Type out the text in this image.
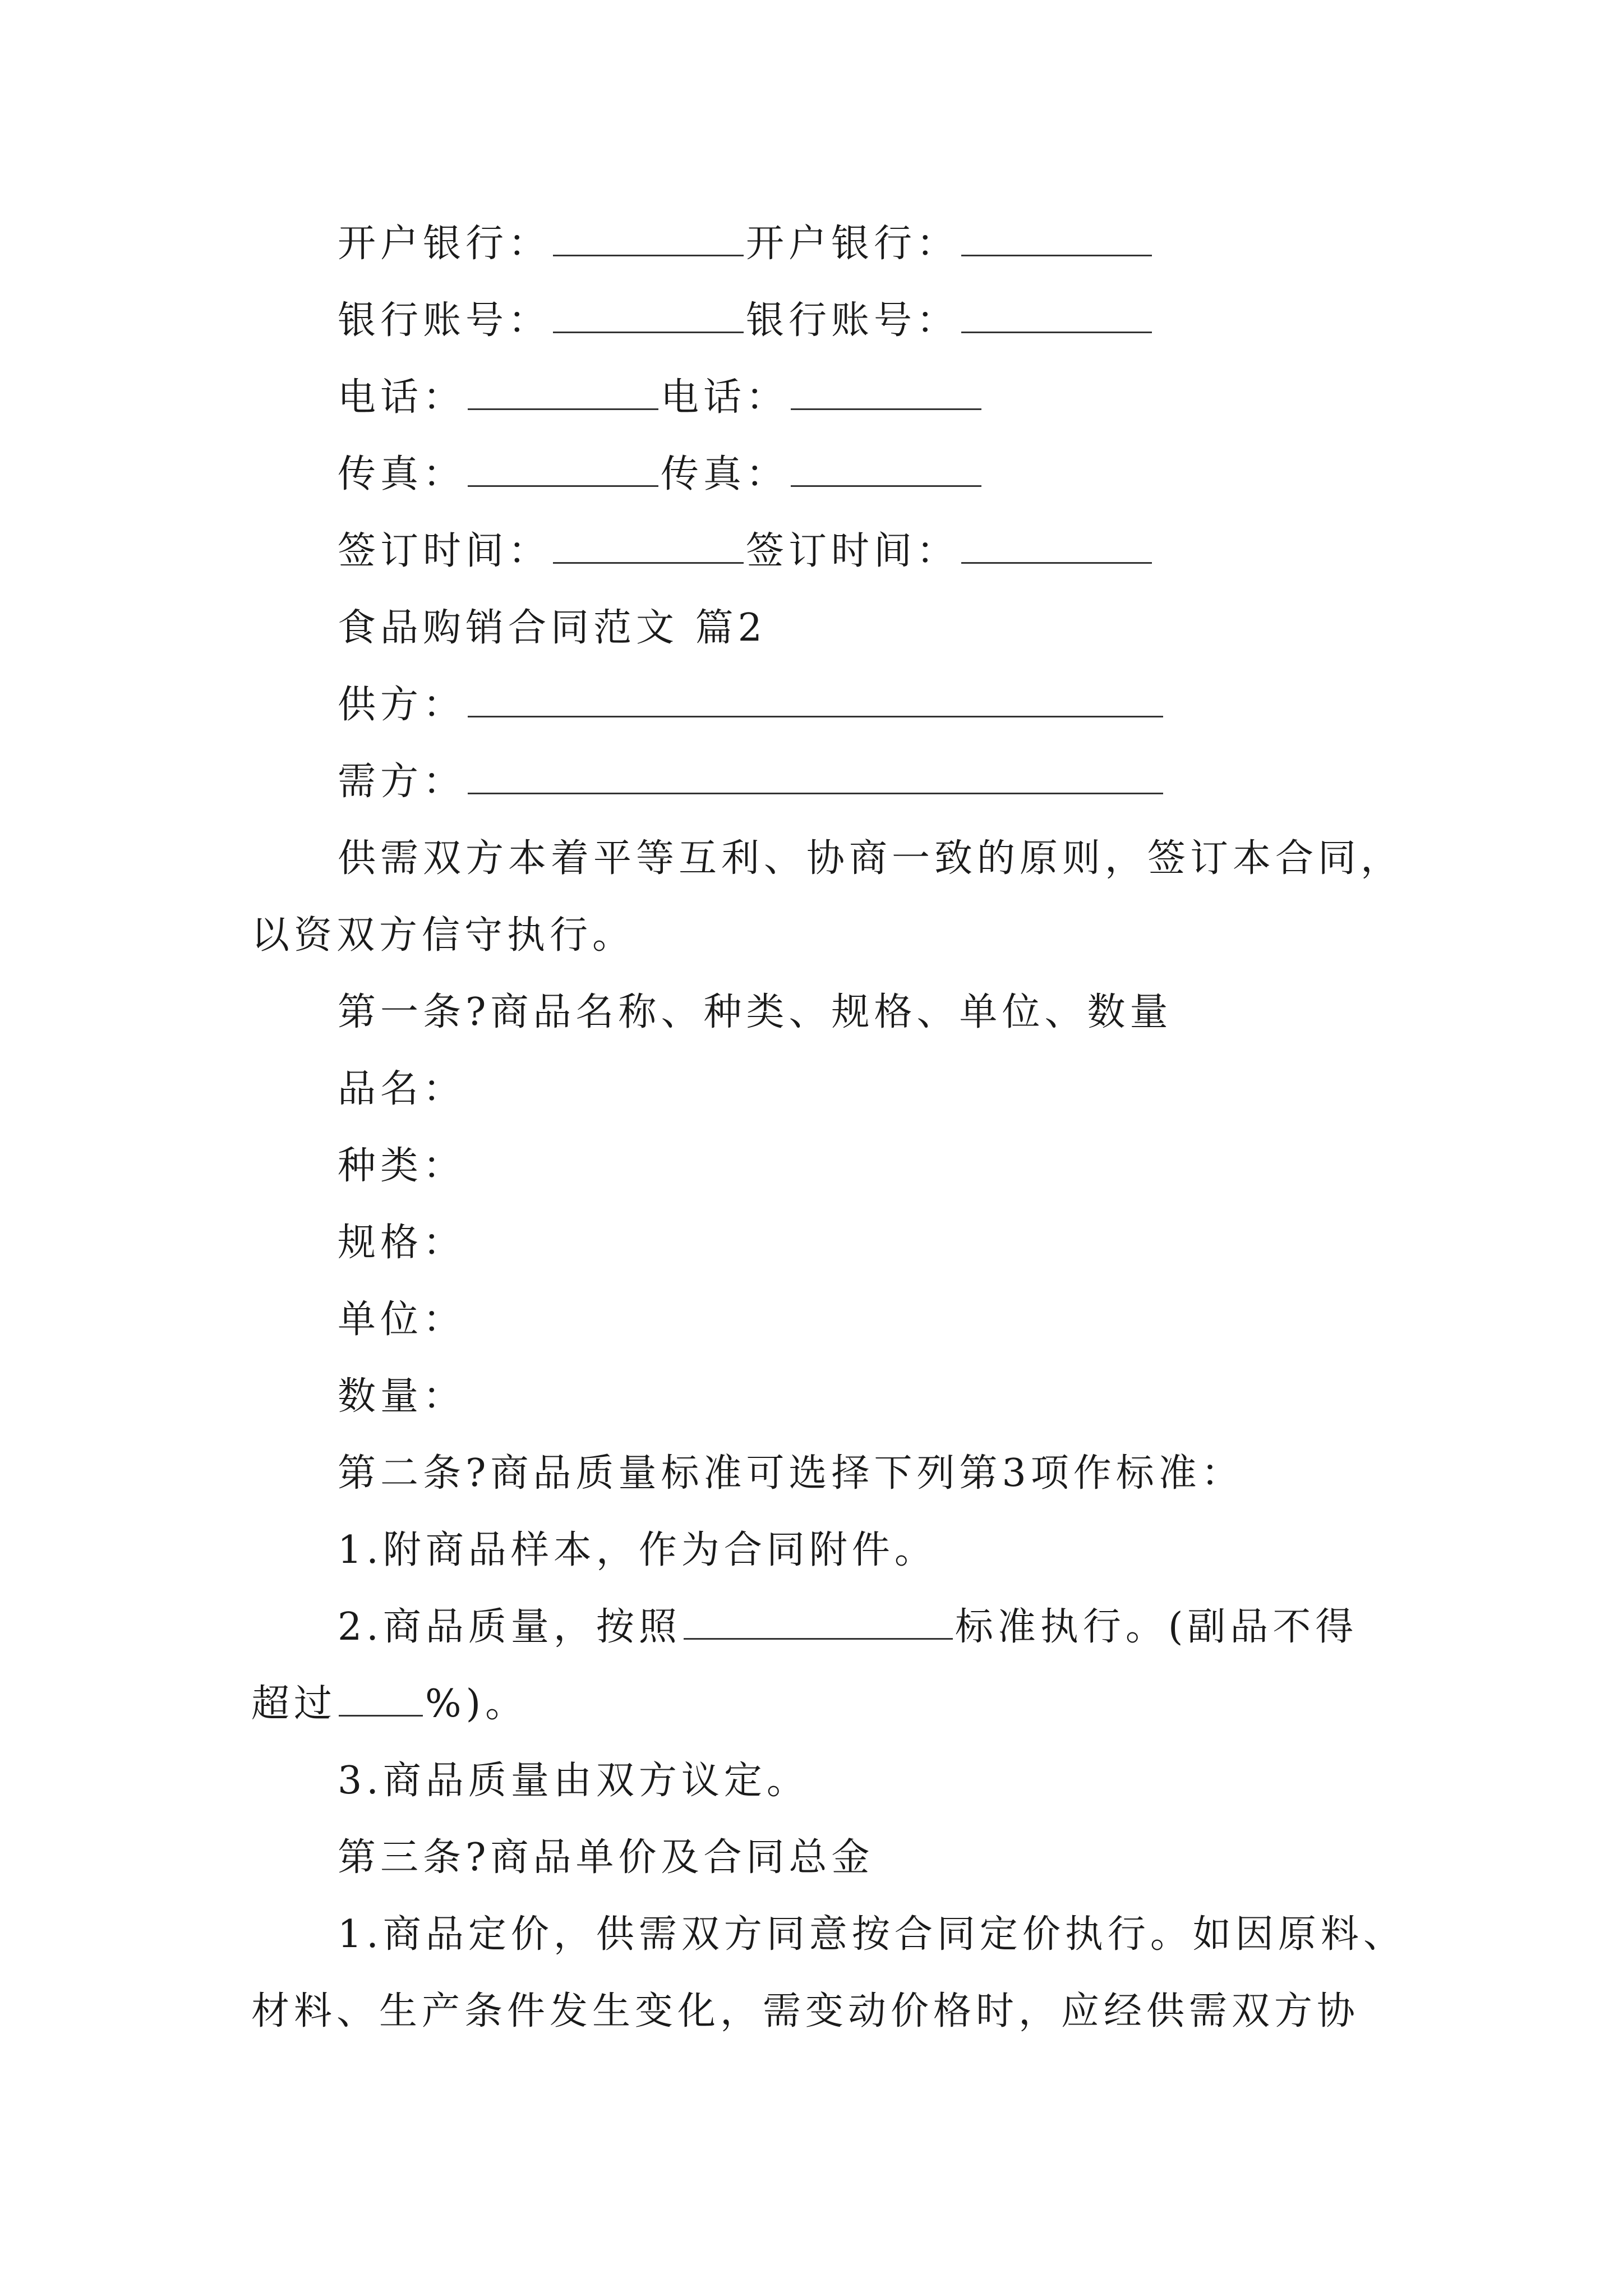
开户银行：	开户银行：
银行账号：	银行账号：
电话：	电话：
传真：	传真：
签订时间：	签订时间：
食品购销合同范文 篇2
供方：
需方：
供需双方本着平等互利、协商一致的原则，签订本合同，
以资双方信守执行。
第一条?商品名称、种类、规格、单位、数量
品名：
种类：
规格：
单位：
数量：
第二条?商品质量标准可选择下列第3项作标准：
1.附商品样本，作为合同附件。
2.商品质量，按照	标准执行。(副品不得
超过 %)。
3.商品质量由双方议定。
第三条?商品单价及合同总金
1.商品定价，供需双方同意按合同定价执行。如因原料、
材料、生产条件发生变化，需变动价格时，应经供需双方协
